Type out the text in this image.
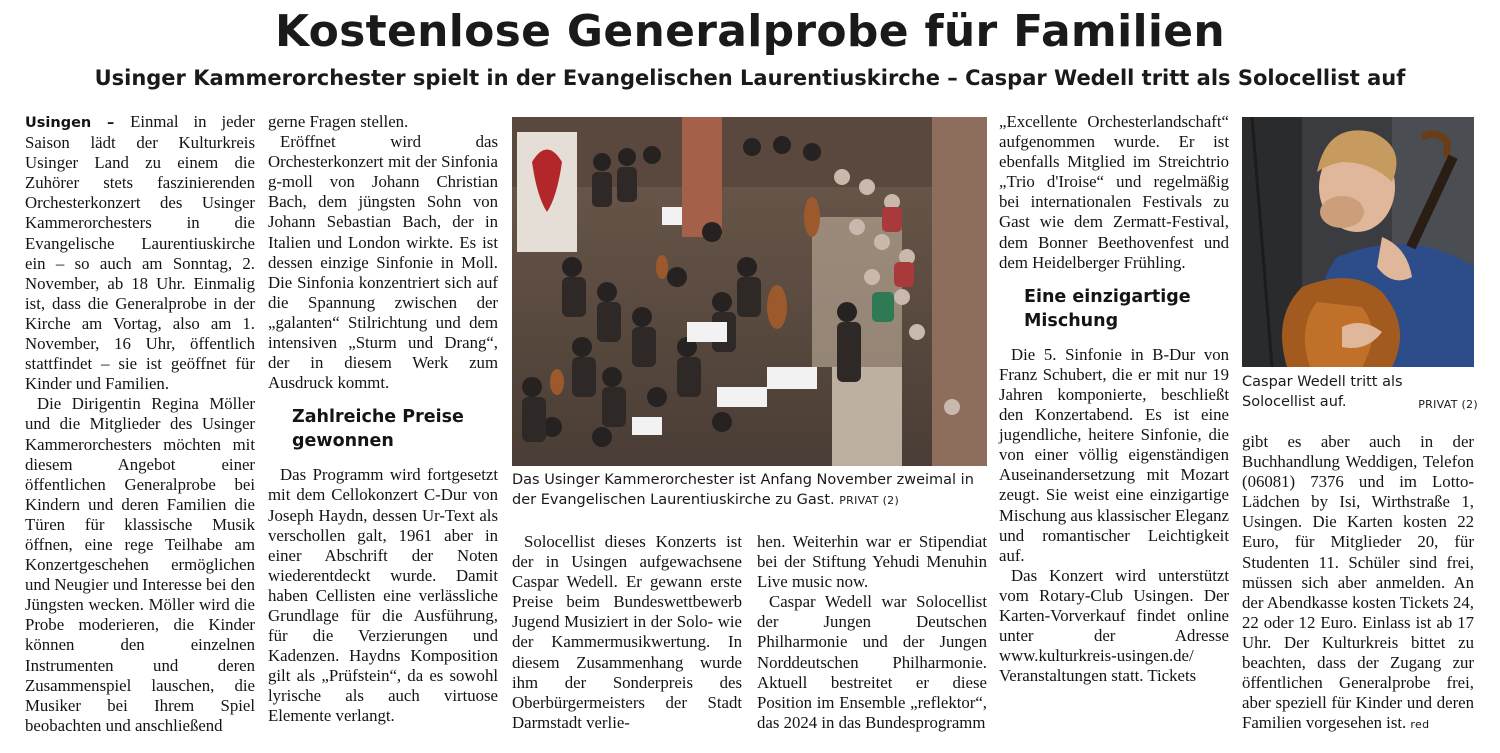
Kostenlose Generalprobe für Familien
Usinger Kammerorchester spielt in der Evangelischen Laurentiuskirche – Caspar Wedell tritt als Solocellist auf

Usingen – Einmal in jeder Saison lädt der Kulturkreis Usinger Land zu einem die Zuhörer stets faszinierenden Orchesterkonzert des Usinger Kammerorchesters in die Evangelische Laurentiuskirche ein – so auch am Sonntag, 2. November, ab 18 Uhr. Einmalig ist, dass die Generalprobe in der Kirche am Vortag, also am 1. November, 16 Uhr, öffentlich stattfindet – sie ist geöffnet für Kinder und Familien.

Die Dirigentin Regina Möller und die Mitglieder des Usinger Kammerorchesters möchten mit diesem Angebot einer öffentlichen Generalprobe bei Kindern und deren Familien die Türen für klassische Musik öffnen, eine rege Teilhabe am Konzertgeschehen ermöglichen und Neugier und Interesse bei den Jüngsten wecken. Möller wird die Probe moderieren, die Kinder können den einzelnen Instrumenten und deren Zusammenspiel lauschen, die Musiker bei Ihrem Spiel beobachten und anschließend

gerne Fragen stellen.

Eröffnet wird das Orchesterkonzert mit der Sinfonia g-moll von Johann Christian Bach, dem jüngsten Sohn von Johann Sebastian Bach, der in Italien und London wirkte. Es ist dessen einzige Sinfonie in Moll. Die Sinfonia konzentriert sich auf die Spannung zwischen der „galanten“ Stilrichtung und dem intensiven „Sturm und Drang“, der in diesem Werk zum Ausdruck kommt.

Zahlreiche Preise gewonnen

Das Programm wird fortgesetzt mit dem Cellokonzert C-Dur von Joseph Haydn, dessen Ur-Text als verschollen galt, 1961 aber in einer Abschrift der Noten wiederentdeckt wurde. Damit haben Cellisten eine verlässliche Grundlage für die Ausführung, für die Verzierungen und Kadenzen. Haydns Komposition gilt als „Prüfstein“, da es sowohl lyrische als auch virtuose Elemente verlangt.

Das Usinger Kammerorchester ist Anfang November zweimal in der Evangelischen Laurentiuskirche zu Gast. PRIVAT (2)

Solocellist dieses Konzerts ist der in Usingen aufgewachsene Caspar Wedell. Er gewann erste Preise beim Bundeswettbewerb Jugend Musiziert in der Solo- wie der Kammermusikwertung. In diesem Zusammenhang wurde ihm der Sonderpreis des Oberbürgermeisters der Stadt Darmstadt verlie-

hen. Weiterhin war er Stipendiat bei der Stiftung Yehudi Menuhin Live music now.

Caspar Wedell war Solocellist der Jungen Deutschen Philharmonie und der Jungen Norddeutschen Philharmonie. Aktuell bestreitet er diese Position im Ensemble „reflektor“, das 2024 in das Bundesprogramm

„Excellente Orchesterlandschaft“ aufgenommen wurde. Er ist ebenfalls Mitglied im Streichtrio „Trio d'Iroise“ und regelmäßig bei internationalen Festivals zu Gast wie dem Zermatt-Festival, dem Bonner Beethovenfest und dem Heidelberger Frühling.

Eine einzigartige Mischung

Die 5. Sinfonie in B-Dur von Franz Schubert, die er mit nur 19 Jahren komponierte, beschließt den Konzertabend. Es ist eine jugendliche, heitere Sinfonie, die von einer völlig eigenständigen Auseinandersetzung mit Mozart zeugt. Sie weist eine einzigartige Mischung aus klassischer Eleganz und romantischer Leichtigkeit auf.

Das Konzert wird unterstützt vom Rotary-Club Usingen. Der Karten-Vorverkauf findet online unter der Adresse www.kulturkreis-usingen.de/ Veranstaltungen statt. Tickets

Caspar Wedell tritt als Solocellist auf.	PRIVAT (2)

gibt es aber auch in der Buchhandlung Weddigen, Telefon (06081) 7376 und im Lotto-Lädchen by Isi, Wirthstraße 1, Usingen. Die Karten kosten 22 Euro, für Mitglieder 20, für Studenten 11. Schüler sind frei, müssen sich aber anmelden. An der Abendkasse kosten Tickets 24, 22 oder 12 Euro. Einlass ist ab 17 Uhr. Der Kulturkreis bittet zu beachten, dass der Zugang zur öffentlichen Generalprobe frei, aber speziell für Kinder und deren Familien vorgesehen ist. red
